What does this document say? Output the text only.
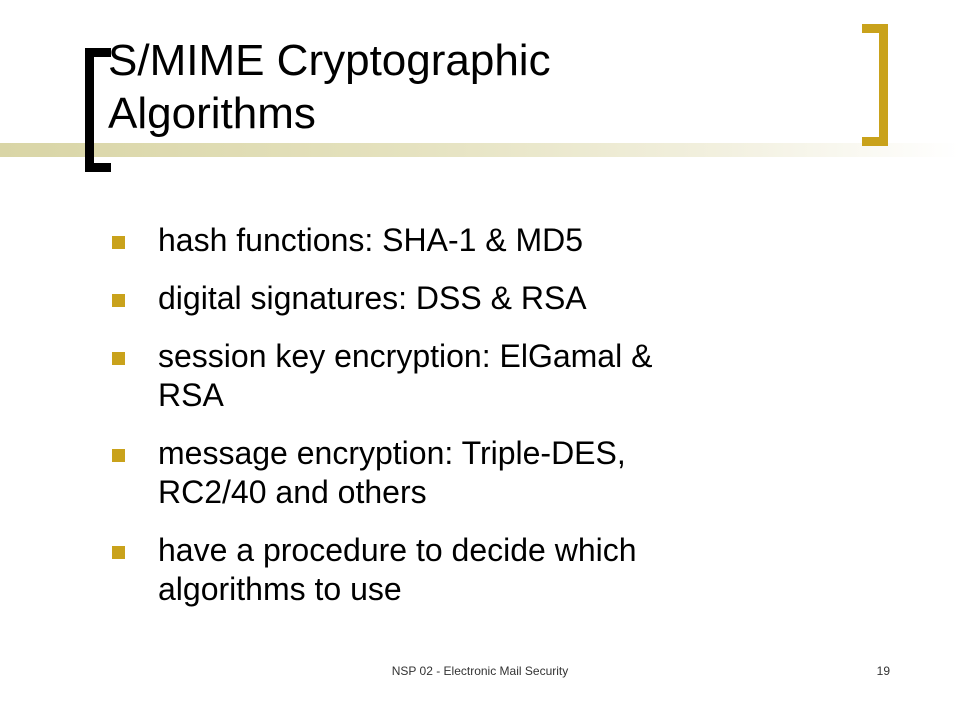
S/MIME Cryptographic
Algorithms
hash functions: SHA-1 & MD5
digital signatures: DSS & RSA
session key encryption: ElGamal &
RSA
message encryption: Triple-DES,
RC2/40 and others
have a procedure to decide which
algorithms to use
NSP 02 - Electronic Mail Security	19
